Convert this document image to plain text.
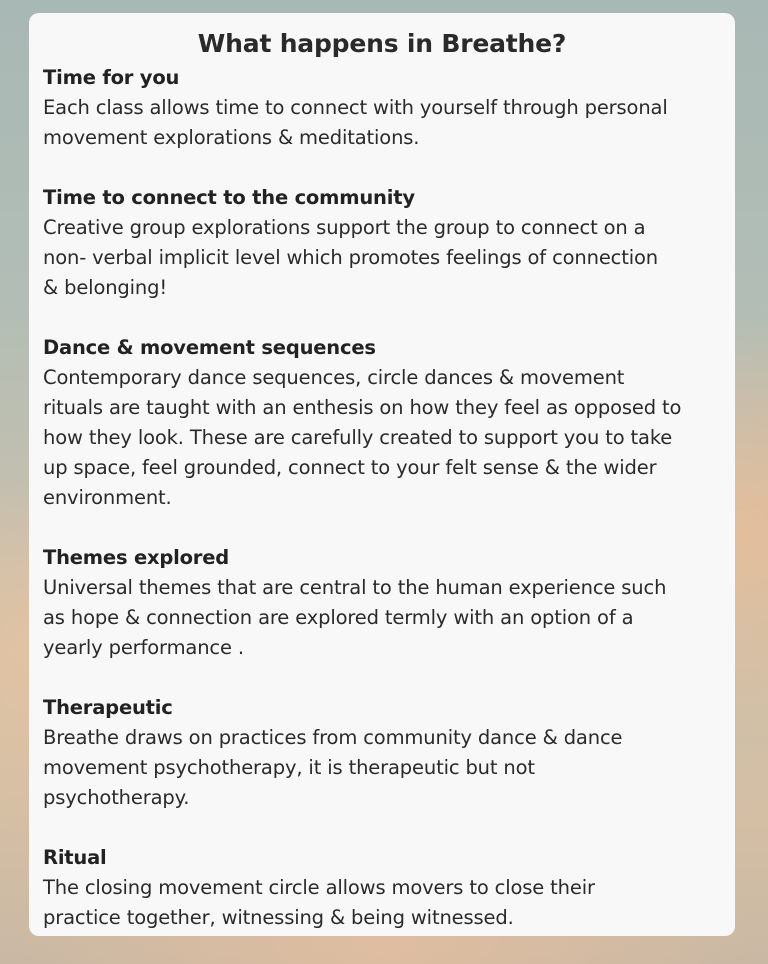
What happens in Breathe?

Time for you

Each class allows time to connect with yourself through personal

movement explorations & meditations.

Time to connect to the community

Creative group explorations support the group to connect on a

non- verbal implicit level which promotes feelings of connection

& belonging!

Dance & movement sequences

Contemporary dance sequences, circle dances & movement

rituals are taught with an enthesis on how they feel as opposed to

how they look. These are carefully created to support you to take

up space, feel grounded, connect to your felt sense & the wider

environment.

Themes explored

Universal themes that are central to the human experience such

as hope & connection are explored termly with an option of a

yearly performance .

Therapeutic

Breathe draws on practices from community dance & dance

movement psychotherapy, it is therapeutic but not

psychotherapy.

Ritual

The closing movement circle allows movers to close their

practice together, witnessing & being witnessed.
